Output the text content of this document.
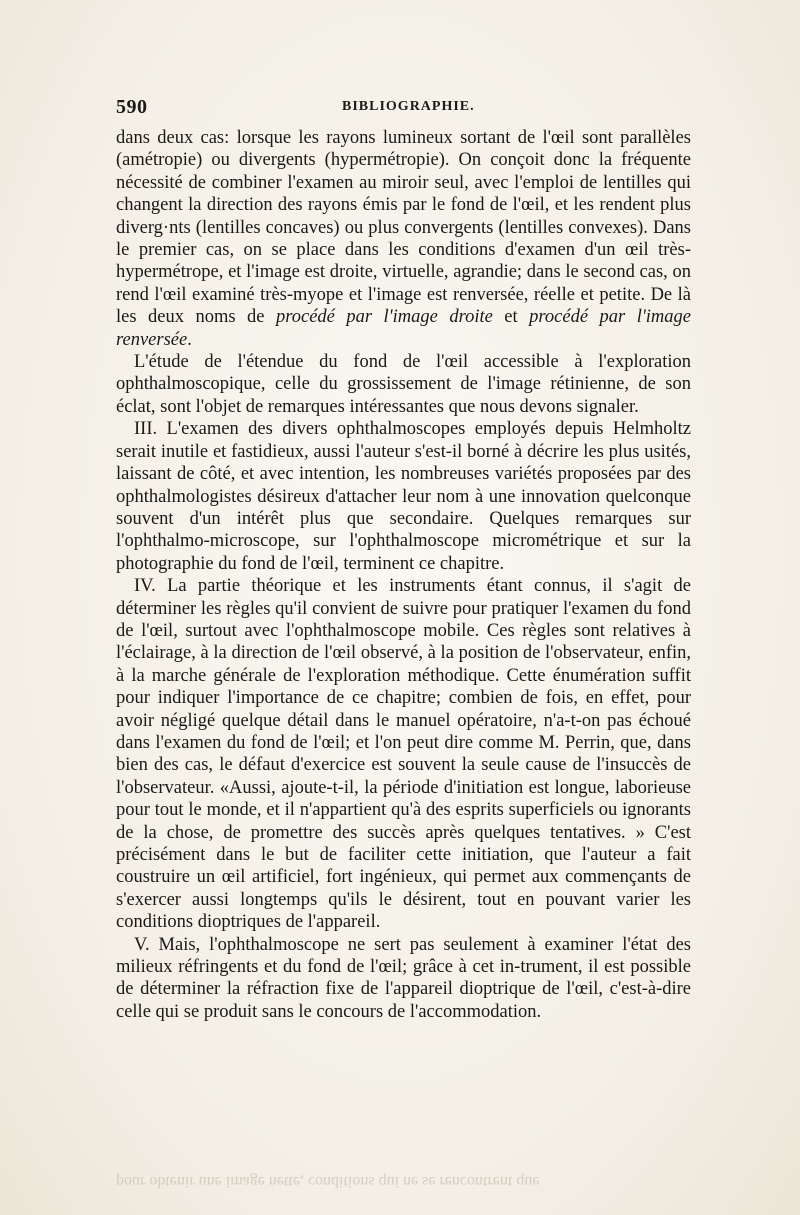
590	BIBLIOGRAPHIE.

dans deux cas: lorsque les rayons lumineux sortant de l'œil sont parallèles (amétropie) ou divergents (hypermétropie). On conçoit donc la fréquente nécessité de combiner l'examen au miroir seul, avec l'emploi de lentilles qui changent la direction des rayons émis par le fond de l'œil, et les rendent plus diverg·nts (lentilles concaves) ou plus convergents (lentilles convexes). Dans le premier cas, on se place dans les conditions d'examen d'un œil très-hypermétrope, et l'image est droite, virtuelle, agrandie; dans le second cas, on rend l'œil examiné très-myope et l'image est renversée, réelle et petite. De là les deux noms de procédé par l'image droite et procédé par l'image renversée.

L'étude de l'étendue du fond de l'œil accessible à l'exploration ophthalmoscopique, celle du grossissement de l'image rétinienne, de son éclat, sont l'objet de remarques intéressantes que nous devons signaler.

III. L'examen des divers ophthalmoscopes employés depuis Helmholtz serait inutile et fastidieux, aussi l'auteur s'est-il borné à décrire les plus usités, laissant de côté, et avec intention, les nombreuses variétés proposées par des ophthalmologistes désireux d'attacher leur nom à une innovation quelconque souvent d'un intérêt plus que secondaire. Quelques remarques sur l'ophthalmo-microscope, sur l'ophthalmoscope micrométrique et sur la photographie du fond de l'œil, terminent ce chapitre.

IV. La partie théorique et les instruments étant connus, il s'agit de déterminer les règles qu'il convient de suivre pour pratiquer l'examen du fond de l'œil, surtout avec l'ophthalmoscope mobile. Ces règles sont relatives à l'éclairage, à la direction de l'œil observé, à la position de l'observateur, enfin, à la marche générale de l'exploration méthodique. Cette énumération suffit pour indiquer l'importance de ce chapitre; combien de fois, en effet, pour avoir négligé quelque détail dans le manuel opératoire, n'a-t-on pas échoué dans l'examen du fond de l'œil; et l'on peut dire comme M. Perrin, que, dans bien des cas, le défaut d'exercice est souvent la seule cause de l'insuccès de l'observateur. «Aussi, ajoute-t-il, la période d'initiation est longue, laborieuse pour tout le monde, et il n'appartient qu'à des esprits superficiels ou ignorants de la chose, de promettre des succès après quelques tentatives. » C'est précisément dans le but de faciliter cette initiation, que l'auteur a fait coustruire un œil artificiel, fort ingénieux, qui permet aux commençants de s'exercer aussi longtemps qu'ils le désirent, tout en pouvant varier les conditions dioptriques de l'appareil.

V. Mais, l'ophthalmoscope ne sert pas seulement à examiner l'état des milieux réfringents et du fond de l'œil; grâce à cet in-trument, il est possible de déterminer la réfraction fixe de l'appareil dioptrique de l'œil, c'est-à-dire celle qui se produit sans le concours de l'accommodation.

pour obtenir une image nette, conditions qui ne se rencontrent que
